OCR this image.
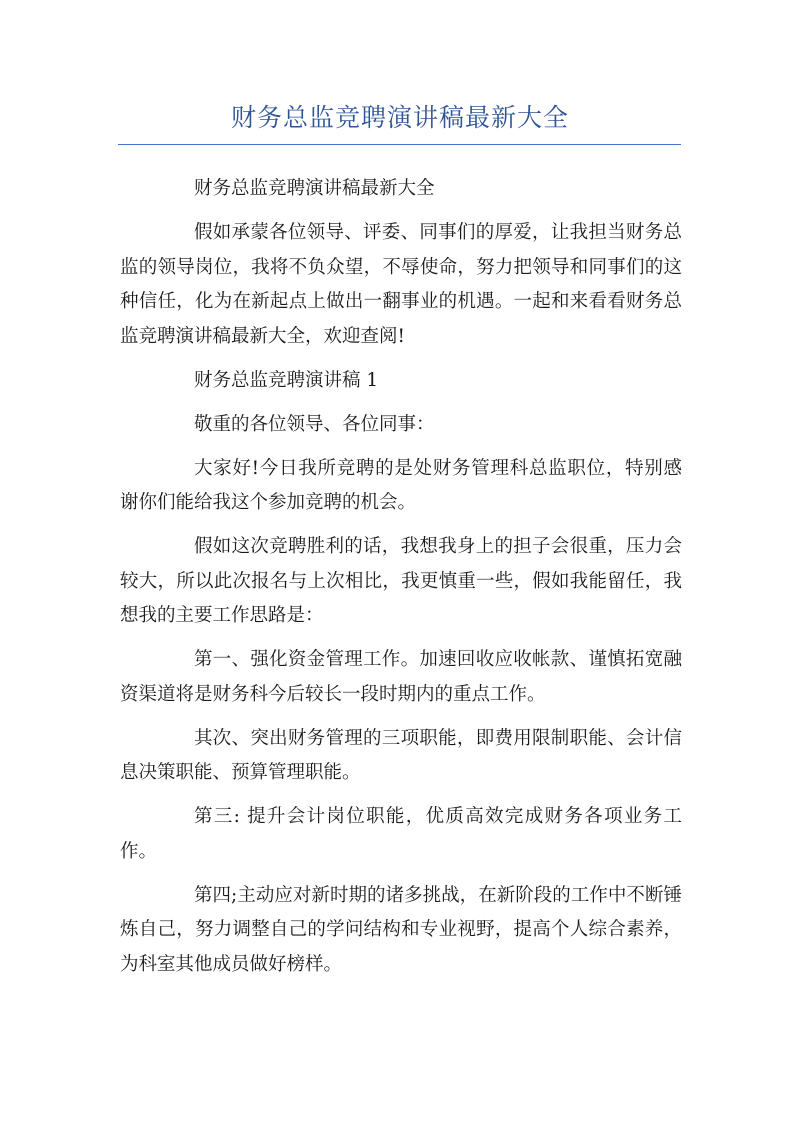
财务总监竞聘演讲稿最新大全

财务总监竞聘演讲稿最新大全

假如承蒙各位领导、评委、同事们的厚爱，让我担当财务总监的领导岗位，我将不负众望，不辱使命，努力把领导和同事们的这种信任，化为在新起点上做出一翻事业的机遇。一起和来看看财务总监竞聘演讲稿最新大全，欢迎查阅!

财务总监竞聘演讲稿 1

敬重的各位领导、各位同事：

大家好!今日我所竞聘的是处财务管理科总监职位，特别感谢你们能给我这个参加竞聘的机会。

假如这次竞聘胜利的话，我想我身上的担子会很重，压力会较大，所以此次报名与上次相比，我更慎重一些，假如我能留任，我想我的主要工作思路是：

第一、强化资金管理工作。加速回收应收帐款、谨慎拓宽融资渠道将是财务科今后较长一段时期内的重点工作。

其次、突出财务管理的三项职能，即费用限制职能、会计信息决策职能、预算管理职能。

第三: 提升会计岗位职能，优质高效完成财务各项业务工作。

第四;主动应对新时期的诸多挑战，在新阶段的工作中不断锤炼自己，努力调整自己的学问结构和专业视野，提高个人综合素养，为科室其他成员做好榜样。
